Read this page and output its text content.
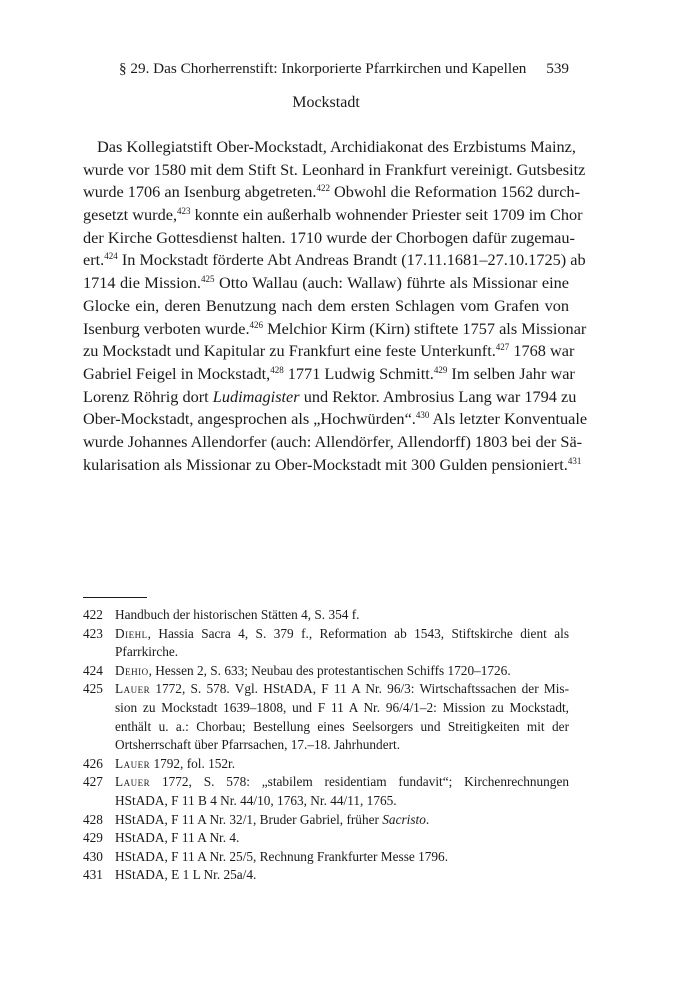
§ 29. Das Chorherrenstift: Inkorporierte Pfarrkirchen und Kapellen 539
Mockstadt
Das Kollegiatstift Ober-Mockstadt, Archidiakonat des Erzbistums Mainz,
wurde vor 1580 mit dem Stift St. Leonhard in Frankfurt vereinigt. Gutsbesitz
wurde 1706 an Isenburg abgetreten.$^{422}$ Obwohl die Reformation 1562 durch-
gesetzt wurde,$^{423}$ konnte ein außerhalb wohnender Priester seit 1709 im Chor
der Kirche Gottesdienst halten. 1710 wurde der Chorbogen dafür zugemau-
ert.$^{424}$ In Mockstadt förderte Abt Andreas Brandt (17.11.1681–27.10.1725) ab
1714 die Mission.$^{425}$ Otto Wallau (auch: Wallaw) führte als Missionar eine
Glocke ein, deren Benutzung nach dem ersten Schlagen vom Grafen von
Isenburg verboten wurde.$^{426}$ Melchior Kirm (Kirn) stiftete 1757 als Missionar
zu Mockstadt und Kapitular zu Frankfurt eine feste Unterkunft.$^{427}$ 1768 war
Gabriel Feigel in Mockstadt,$^{428}$ 1771 Ludwig Schmitt.$^{429}$ Im selben Jahr war
Lorenz Röhrig dort Ludimagister und Rektor. Ambrosius Lang war 1794 zu
Ober-Mockstadt, angesprochen als „Hochwürden“.$^{430}$ Als letzter Konventuale
wurde Johannes Allendorfer (auch: Allendörfer, Allendorff) 1803 bei der Sä-
kularisation als Missionar zu Ober-Mockstadt mit 300 Gulden pensioniert.$^{431}$
422 Handbuch der historischen Stätten 4, S. 354 f.
423 Diehl, Hassia Sacra 4, S. 379 f., Reformation ab 1543, Stiftskirche dient als
Pfarrkirche.
424 Dehio, Hessen 2, S. 633; Neubau des protestantischen Schiffs 1720–1726.
425 Lauer 1772, S. 578. Vgl. HStADA, F 11 A Nr. 96/3: Wirtschaftssachen der Mis-
sion zu Mockstadt 1639–1808, und F 11 A Nr. 96/4/1–2: Mission zu Mockstadt,
enthält u. a.: Chorbau; Bestellung eines Seelsorgers und Streitigkeiten mit der
Ortsherrschaft über Pfarrsachen, 17.–18. Jahrhundert.
426 Lauer 1792, fol. 152r.
427 Lauer 1772, S. 578: „stabilem residentiam fundavit“; Kirchenrechnungen
HStADA, F 11 B 4 Nr. 44/10, 1763, Nr. 44/11, 1765.
428 HStADA, F 11 A Nr. 32/1, Bruder Gabriel, früher Sacristo.
429 HStADA, F 11 A Nr. 4.
430 HStADA, F 11 A Nr. 25/5, Rechnung Frankfurter Messe 1796.
431 HStADA, E 1 L Nr. 25a/4.
